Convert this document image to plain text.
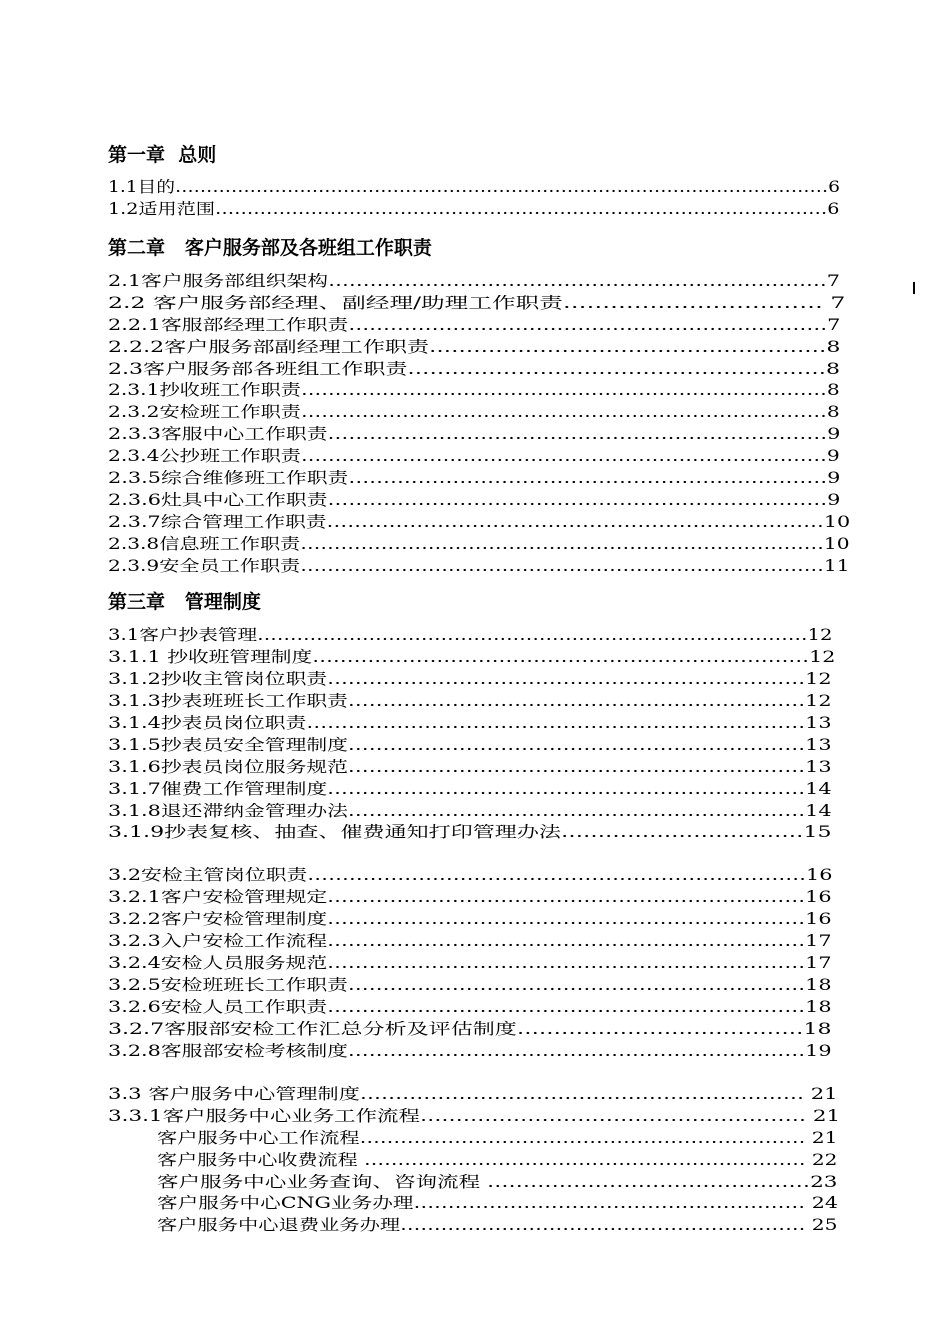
第一章  总则
1.1目的……………………………………………………………………………………………6
1.2适用范围……………………………………………………………………………………6
第二章   客户服务部及各班组工作职责
2.1客户服务部组织架构………………………………………………………………7
2.2 客户服务部经理、副经理/助理工作职责…………………………… 7
2.2.1客服部经理工作职责……………………………………………………………7
2.2.2客户服务部副经理工作职责………………………………………………8
2.3客户服务部各班组工作职责…………………………………………………8
2.3.1抄收班工作职责……………………………………………………………………8
2.3.2安检班工作职责……………………………………………………………………8
2.3.3客服中心工作职责………………………………………………………………9
2.3.4公抄班工作职责……………………………………………………………………9
2.3.5综合维修班工作职责……………………………………………………………9
2.3.6灶具中心工作职责………………………………………………………………9
2.3.7综合管理工作职责………………………………………………………………10
2.3.8信息班工作职责……………………………………………………………………10
2.3.9安全员工作职责……………………………………………………………………11
第三章   管理制度
3.1客户抄表管理…………………………………………………………………………12
3.1.1 抄收班管理制度………………………………………………………………12
3.1.2抄收主管岗位职责……………………………………………………………12
3.1.3抄表班班长工作职责…………………………………………………………12
3.1.4抄表员岗位职责………………………………………………………………13
3.1.5抄表员安全管理制度…………………………………………………………13
3.1.6抄表员岗位服务规范…………………………………………………………13
3.1.7催费工作管理制度……………………………………………………………14
3.1.8退还滞纳金管理办法…………………………………………………………14
3.1.9抄表复核、抽查、催费通知打印管理办法……………………………15
3.2安检主管岗位职责………………………………………………………………16
3.2.1客户安检管理规定……………………………………………………………16
3.2.2客户安检管理制度……………………………………………………………16
3.2.3入户安检工作流程……………………………………………………………17
3.2.4安检人员服务规范……………………………………………………………17
3.2.5安检班班长工作职责…………………………………………………………18
3.2.6安检人员工作职责……………………………………………………………18
3.2.7客服部安检工作汇总分析及评估制度…………………………………18
3.2.8客服部安检考核制度…………………………………………………………19
3.3 客户服务中心管理制度……………………………………………………… 21
3.3.1客户服务中心业务工作流程……………………………………………… 21
客户服务中心工作流程………………………………………………………… 21
客户服务中心收费流程 ………………………………………………………… 22
客户服务中心业务查询、咨询流程 ………………………………………23
客户服务中心CNG业务办理………………………………………………… 24
客户服务中心退费业务办理…………………………………………………… 25
